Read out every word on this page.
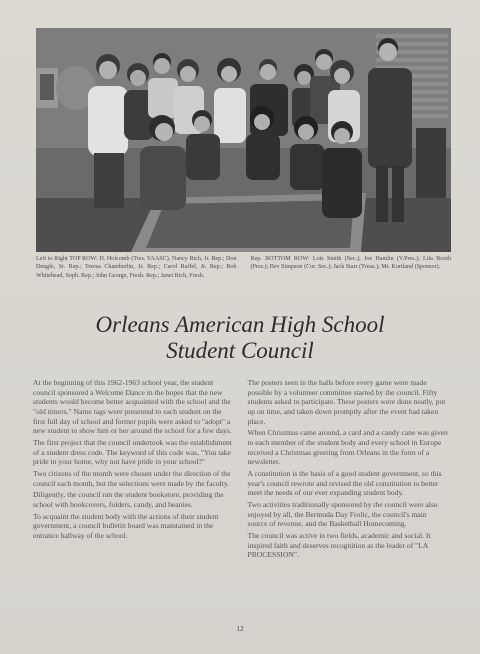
Left to Right TOP ROW: D. Holcomb (Tres. YAASC), Nancy Rich, Jr. Rep.; Don Dengle, Sr. Rep.; Teresa Chamberlin, Jr. Rep.; Carol Raffel, Jr. Rep.; Bob Whitehead, Soph. Rep.; John George, Fresh. Rep.; Janet Rich, Fresh.
Rep. BOTTOM ROW: Lois Smith (Sec.); Joe Hamlin (V.Pres.); Lila Booth (Pres.); Bev Simpson (Cor. Sec.); Jack Starr (Treas.); Mr. Kortland (Sponsor).
Orleans American High School
Student Council

At the beginning of this 1962-1963 school year, the student council sponsored a Welcome Dance in the hopes that the new students would become better acquainted with the school and the "old timers." Name tags were presented to each student on the first full day of school and former pupils were asked to "adopt" a new student to show him or her around the school for a few days.

The first project that the council undertook was the establishment of a student dress code. The keyword of this code was, "You take pride in your home, why not have pride in your school?"

Two citizens of the month were chosen under the direction of the council each month, but the selections were made by the faculty.

Diligently, the council ran the student bookstore, providing the school with bookcovers, folders, candy, and beanies.

To acquaint the student body with the actions of their student government, a council bulletin board was maintained in the entrance hallway of the school.

The posters seen in the halls before every game were made possible by a volunteer committee started by the council. Fifty students asked to participate. These posters were done neatly, put up on time, and taken down promptly after the event had taken place.

When Christmas came around, a card and a candy cane was given to each member of the student body and every school in Europe received a Christmas greeting from Orleans in the form of a newsletter.

A constitution is the basis of a good student government, so this year's council rewrote and revised the old constitution to better meet the needs of our ever expanding student body.

Two activities traditionally sponsored by the council were also enjoyed by all, the Bermuda Day Frolic, the council's main source of revenue, and the Basketball Homecoming.

The council was active in two fields, academic and social. It inspired faith and deserves recognition as the leader of "LA PROCESSION".

12
